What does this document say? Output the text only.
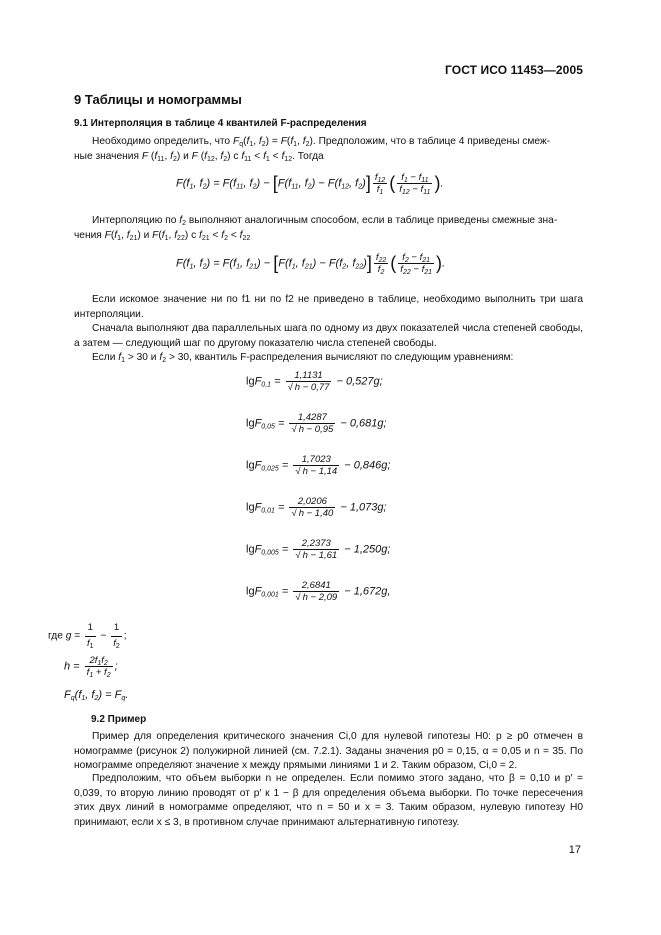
ГОСТ ИСО 11453—2005
9 Таблицы и номограммы
9.1 Интерполяция в таблице 4 квантилей F-распределения
Необходимо определить, что $F_q(f_1$, $f_2) = F(f_1$, $f_2$). Предположим, что в таблице 4 приведены смеж-
ные значения F ($f_{11}$, $f_2$) и F ($f_{12}$, $f_2$) с $f_{11} < f_1 < f_{12}$. Тогда
$F(f_1$, $f_2) = F(f_{11}$, $f_2) - [F(f_{11}$, $f_2) - F(f_{12}$, $f_2)] \frac{f_{12}}{f_1}$ ( $\frac{f_1 - f_{11}}{f_{12} - f_{11}}$ ).
Интерполяцию по $f_2$ выполняют аналогичным способом, если в таблице приведены смежные зна-
чения $F(f_1$, $f_{21}$) и $F(f_1$, $f_{22}$) с $f_{21} < f_2 < f_{22}$
$F(f_1$, $f_2) = F(f_1$, $f_{21}) - [F(f_1$, $f_{21}) - F(f_2$, $f_{22})] \frac{f_{22}}{f_2}$ ( $\frac{f_2 - f_{21}}{f_{22} - f_{21}}$ ).
Если искомое значение ни по f1 ни по f2 не приведено в таблице, необходимо выполнить три шага интерполяции.
Сначала выполняют два параллельных шага по одному из двух показателей числа степеней свободы, а затем — следующий шаг по другому показателю числа степеней свободы.
Если $f_1 > 30$ и $f_2 > 30$, квантиль F-распределения вычисляют по следующим уравнениям:
$\lg F_{0,1} = \frac{1,1131}{√ h - 0,77} - 0,527g$;
$\lg F_{0,05} = \frac{1,4287}{√ h - 0,95} - 0,681g$;
$\lg F_{0,025} = \frac{1,7023}{√ h - 1,14} - 0,846g$;
$\lg F_{0,01} = \frac{2,0206}{√ h - 1,40} - 1,073g$;
$\lg F_{0,005} = \frac{2,2373}{√ h - 1,61} - 1,250g$;
$\lg F_{0,001} = \frac{2,6841}{√ h - 2,09} - 1,672g$,
где $g = \frac{1}{f_1} - \frac{1}{f_2}$ ;
$h = \frac{2f_1f_2}{f_1 + f_2}$ ;
$F_q(f_1$, $f_2) = F_q$.
9.2 Пример
Пример для определения критического значения Ci,0 для нулевой гипотезы H0: p ≥ p0 отмечен в номограмме (рисунок 2) полужирной линией (см. 7.2.1). Заданы значения p0 = 0,15, α = 0,05 и n = 35. По номограмме определяют значение x между прямыми линиями 1 и 2. Таким образом, Ci,0 = 2.
Предположим, что объем выборки n не определен. Если помимо этого задано, что β = 0,10 и p′ = 0,039, то вторую линию проводят от p′ к 1 − β для определения объема выборки. По точке пересечения этих двух линий в номограмме определяют, что n = 50 и x = 3. Таким образом, нулевую гипотезу H0 принимают, если x ≤ 3, в противном случае принимают альтернативную гипотезу.
17
